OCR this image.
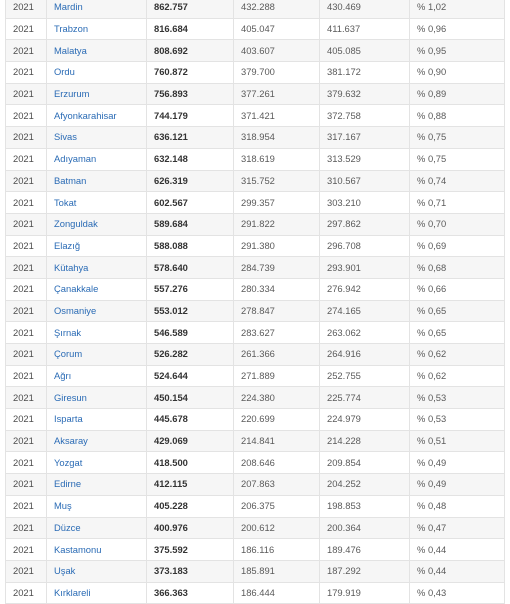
2021	Mardin	862.757	432.288	430.469	% 1,02
2021	Trabzon	816.684	405.047	411.637	% 0,96
2021	Malatya	808.692	403.607	405.085	% 0,95
2021	Ordu	760.872	379.700	381.172	% 0,90
2021	Erzurum	756.893	377.261	379.632	% 0,89
2021	Afyonkarahisar	744.179	371.421	372.758	% 0,88
2021	Sivas	636.121	318.954	317.167	% 0,75
2021	Adıyaman	632.148	318.619	313.529	% 0,75
2021	Batman	626.319	315.752	310.567	% 0,74
2021	Tokat	602.567	299.357	303.210	% 0,71
2021	Zonguldak	589.684	291.822	297.862	% 0,70
2021	Elazığ	588.088	291.380	296.708	% 0,69
2021	Kütahya	578.640	284.739	293.901	% 0,68
2021	Çanakkale	557.276	280.334	276.942	% 0,66
2021	Osmaniye	553.012	278.847	274.165	% 0,65
2021	Şırnak	546.589	283.627	263.062	% 0,65
2021	Çorum	526.282	261.366	264.916	% 0,62
2021	Ağrı	524.644	271.889	252.755	% 0,62
2021	Giresun	450.154	224.380	225.774	% 0,53
2021	Isparta	445.678	220.699	224.979	% 0,53
2021	Aksaray	429.069	214.841	214.228	% 0,51
2021	Yozgat	418.500	208.646	209.854	% 0,49
2021	Edirne	412.115	207.863	204.252	% 0,49
2021	Muş	405.228	206.375	198.853	% 0,48
2021	Düzce	400.976	200.612	200.364	% 0,47
2021	Kastamonu	375.592	186.116	189.476	% 0,44
2021	Uşak	373.183	185.891	187.292	% 0,44
2021	Kırklareli	366.363	186.444	179.919	% 0,43
